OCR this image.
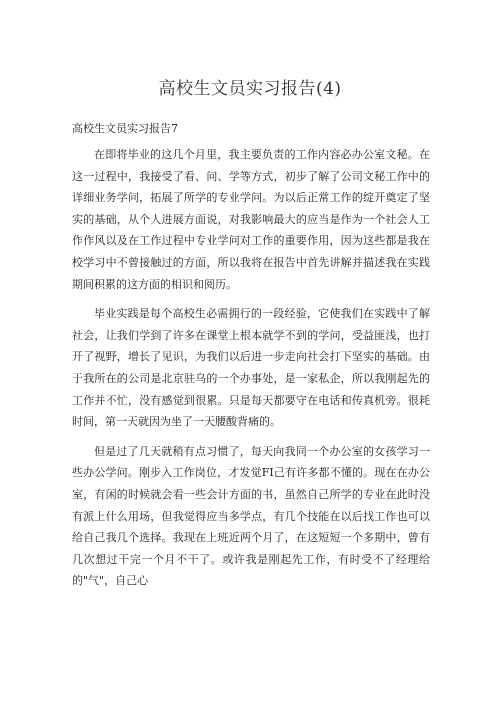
高校生文员实习报告(4)
高校生文员实习报告7

在即将毕业的这几个月里，我主要负责的工作内容必办公室文秘。在这一过程中，我接受了看、问、学等方式，初步了解了公司文秘工作中的详细业务学问，拓展了所学的专业学问。为以后正常工作的绽开奠定了坚实的基础，从个人进展方面说，对我影响最大的应当是作为一个社会人工作作风以及在工作过程中专业学问对工作的重要作用，因为这些都是我在校学习中不曾接触过的方面，所以我将在报告中首先讲解并描述我在实践期间积累的这方面的相识和阅历。

毕业实践是每个高校生必需拥行的一段经验，它使我们在实践中了解社会，让我们学到了许多在课堂上根本就学不到的学问，受益匪浅，也打开了视野，增长了见识，为我们以后进一步走向社会打下坚实的基础。由于我所在的公司是北京驻乌的一个办事处，是一家私企，所以我刚起先的工作并不忙，没有感觉到很累。只是每天都要守在电话和传真机旁。很耗时间，第一天就因为坐了一天腰酸背痛的。

但是过了几天就稍有点习惯了，每天向我同一个办公室的女孩学习一些办公学问。刚步入工作岗位，才发觉FI己有许多都不懂的。现在在办公室，有闲的时候就会看一些会计方面的书，虽然自己所学的专业在此时没有派上什么用场，但我觉得应当多学点，有几个技能在以后找工作也可以给自己我几个选择。我现在上班近两个月了，在这短短一个多期中，曾有几次想过干完一个月不干了。或许我是刚起先工作，有时受不了经理给的"气"，自己心
